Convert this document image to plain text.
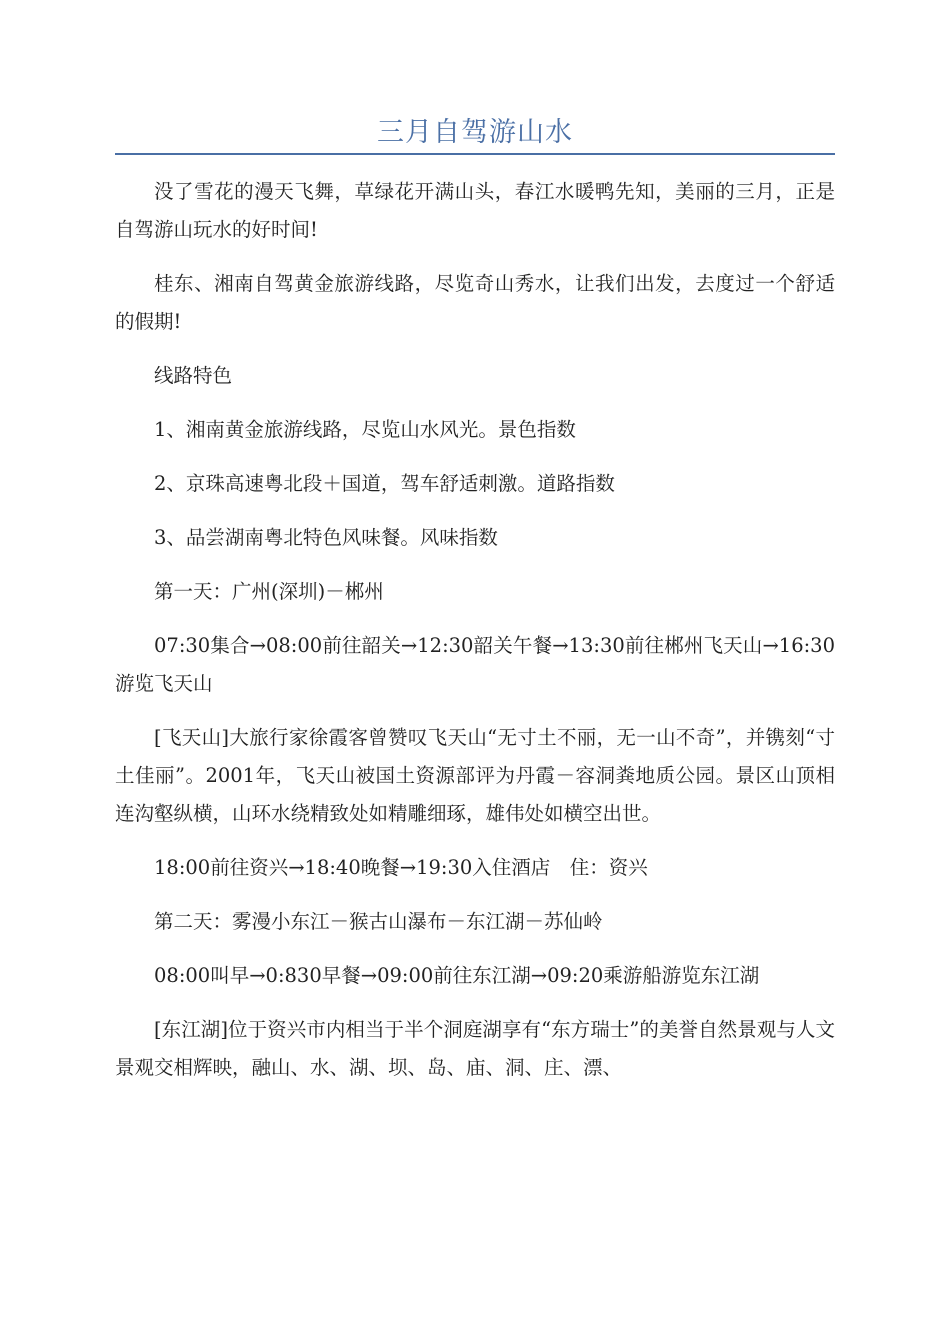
三月自驾游山水

没了雪花的漫天飞舞，草绿花开满山头，春江水暖鸭先知，美丽的三月，正是自驾游山玩水的好时间!

桂东、湘南自驾黄金旅游线路，尽览奇山秀水，让我们出发，去度过一个舒适的假期!

线路特色

1、湘南黄金旅游线路，尽览山水风光。景色指数

2、京珠高速粤北段＋国道，驾车舒适刺激。道路指数

3、品尝湖南粤北特色风味餐。风味指数

第一天：广州(深圳)－郴州

07:30集合→08:00前往韶关→12:30韶关午餐→13:30前往郴州飞天山→16:30游览飞天山

[飞天山]大旅行家徐霞客曾赞叹飞天山“无寸土不丽，无一山不奇”，并镌刻“寸土佳丽”。2001年，飞天山被国土资源部评为丹霞－容洞粪地质公园。景区山顶相连沟壑纵横，山环水绕精致处如精雕细琢，雄伟处如横空出世。

18:00前往资兴→18:40晚餐→19:30入住酒店　住：资兴

第二天：雾漫小东江－猴古山瀑布－东江湖－苏仙岭

08:00叫早→0:830早餐→09:00前往东江湖→09:20乘游船游览东江湖

[东江湖]位于资兴市内相当于半个洞庭湖享有“东方瑞士”的美誉自然景观与人文景观交相辉映，融山、水、湖、坝、岛、庙、洞、庄、漂、
